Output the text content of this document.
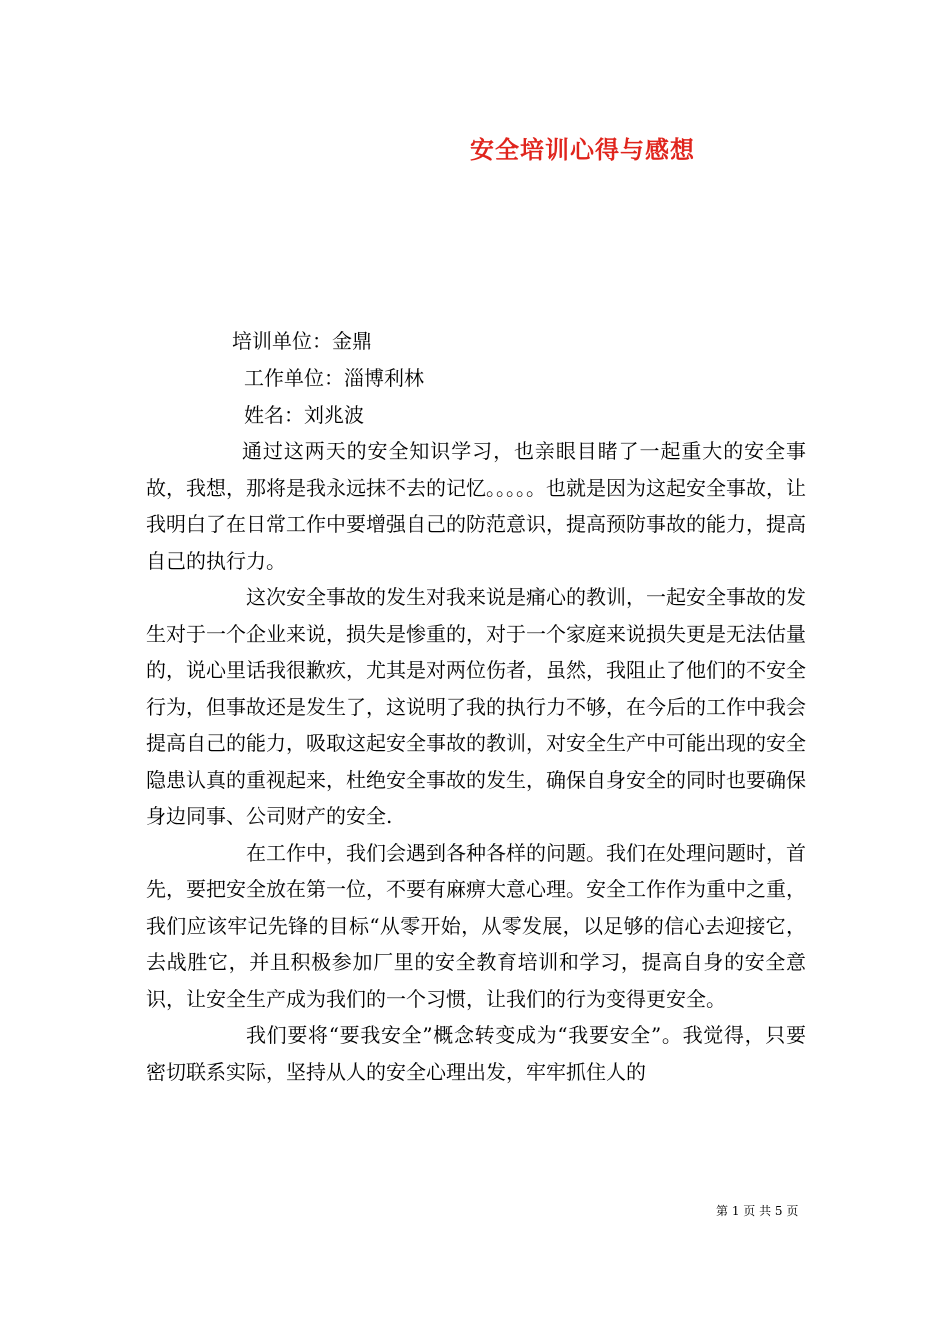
安全培训心得与感想
培训单位：金鼎
工作单位：淄博利林
姓名：刘兆波

通过这两天的安全知识学习，也亲眼目睹了一起重大的安全事故，我想，那将是我永远抹不去的记忆。。。。。也就是因为这起安全事故，让我明白了在日常工作中要增强自己的防范意识，提高预防事故的能力，提高自己的执行力。

这次安全事故的发生对我来说是痛心的教训，一起安全事故的发生对于一个企业来说，损失是惨重的，对于一个家庭来说损失更是无法估量的，说心里话我很歉疚，尤其是对两位伤者，虽然，我阻止了他们的不安全行为，但事故还是发生了，这说明了我的执行力不够，在今后的工作中我会提高自己的能力，吸取这起安全事故的教训，对安全生产中可能出现的安全隐患认真的重视起来，杜绝安全事故的发生，确保自身安全的同时也要确保身边同事、公司财产的安全.

在工作中，我们会遇到各种各样的问题。我们在处理问题时，首先，要把安全放在第一位，不要有麻痹大意心理。安全工作作为重中之重，我们应该牢记先锋的目标“从零开始，从零发展，以足够的信心去迎接它，去战胜它，并且积极参加厂里的安全教育培训和学习，提高自身的安全意识，让安全生产成为我们的一个习惯，让我们的行为变得更安全。

我们要将“要我安全”概念转变成为“我要安全”。我觉得，只要密切联系实际，坚持从人的安全心理出发，牢牢抓住人的

第 1 页 共 5 页
